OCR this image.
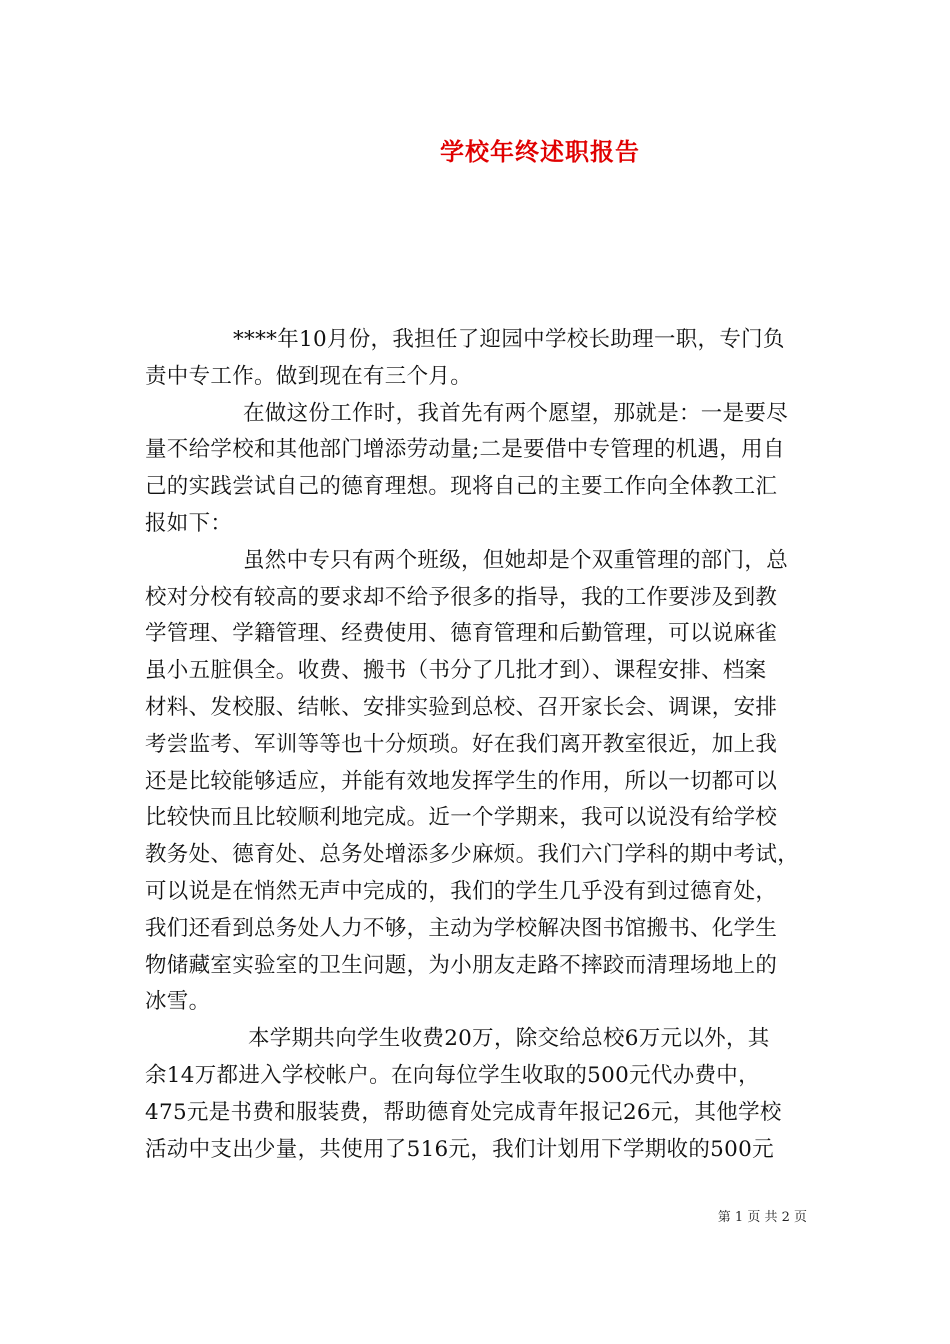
学校年终述职报告
****年10月份，我担任了迎园中学校长助理一职，专门负
责中专工作。做到现在有三个月。
在做这份工作时，我首先有两个愿望，那就是：一是要尽
量不给学校和其他部门增添劳动量;二是要借中专管理的机遇，用自
己的实践尝试自己的德育理想。现将自己的主要工作向全体教工汇
报如下：
虽然中专只有两个班级，但她却是个双重管理的部门，总
校对分校有较高的要求却不给予很多的指导，我的工作要涉及到教
学管理、学籍管理、经费使用、德育管理和后勤管理，可以说麻雀
虽小五脏俱全。收费、搬书（书分了几批才到）、课程安排、档案
材料、发校服、结帐、安排实验到总校、召开家长会、调课，安排
考尝监考、军训等等也十分烦琐。好在我们离开教室很近，加上我
还是比较能够适应，并能有效地发挥学生的作用，所以一切都可以
比较快而且比较顺利地完成。近一个学期来，我可以说没有给学校
教务处、德育处、总务处增添多少麻烦。我们六门学科的期中考试，
可以说是在悄然无声中完成的，我们的学生几乎没有到过德育处，
我们还看到总务处人力不够，主动为学校解决图书馆搬书、化学生
物储藏室实验室的卫生问题，为小朋友走路不摔跤而清理场地上的
冰雪。
本学期共向学生收费20万，除交给总校6万元以外，其
余14万都进入学校帐户。在向每位学生收取的500元代办费中，
475元是书费和服装费，帮助德育处完成青年报记26元，其他学校
活动中支出少量，共使用了516元，我们计划用下学期收的500元
第 1 页 共 2 页
